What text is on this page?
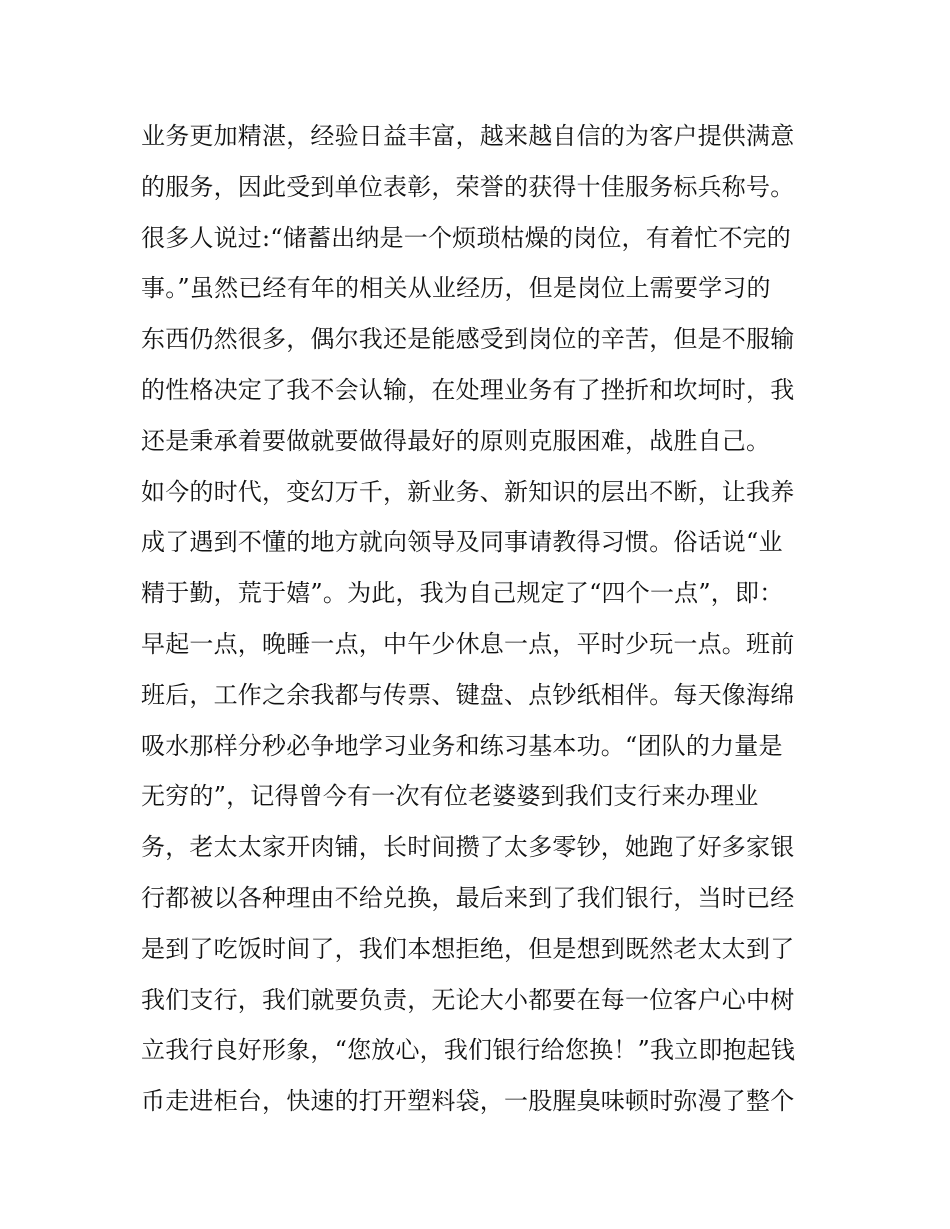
业务更加精湛，经验日益丰富，越来越自信的为客户提供满意
的服务，因此受到单位表彰，荣誉的获得十佳服务标兵称号。
很多人说过:“储蓄出纳是一个烦琐枯燥的岗位，有着忙不完的
事。”虽然已经有年的相关从业经历，但是岗位上需要学习的
东西仍然很多，偶尔我还是能感受到岗位的辛苦，但是不服输
的性格决定了我不会认输，在处理业务有了挫折和坎坷时，我
还是秉承着要做就要做得最好的原则克服困难，战胜自己。
如今的时代，变幻万千，新业务、新知识的层出不断，让我养
成了遇到不懂的地方就向领导及同事请教得习惯。俗话说“业
精于勤，荒于嬉”。为此，我为自己规定了“四个一点”，即：
早起一点，晚睡一点，中午少休息一点，平时少玩一点。班前
班后，工作之余我都与传票、键盘、点钞纸相伴。每天像海绵
吸水那样分秒必争地学习业务和练习基本功。“团队的力量是
无穷的”，记得曾今有一次有位老婆婆到我们支行来办理业
务，老太太家开肉铺，长时间攒了太多零钞，她跑了好多家银
行都被以各种理由不给兑换，最后来到了我们银行，当时已经
是到了吃饭时间了，我们本想拒绝，但是想到既然老太太到了
我们支行，我们就要负责，无论大小都要在每一位客户心中树
立我行良好形象，“您放心，我们银行给您换！”我立即抱起钱
币走进柜台，快速的打开塑料袋，一股腥臭味顿时弥漫了整个
